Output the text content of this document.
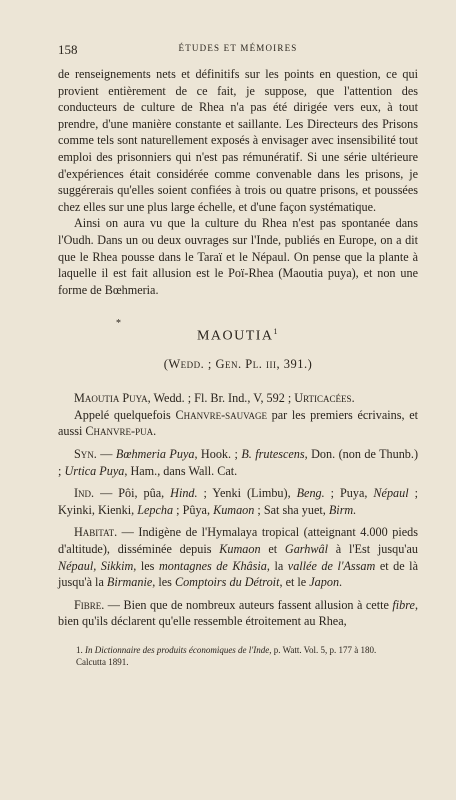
158	ÉTUDES ET MÉMOIRES

de renseignements nets et définitifs sur les points en question, ce qui provient entièrement de ce fait, je suppose, que l'attention des conducteurs de culture de Rhea n'a pas été dirigée vers eux, à tout prendre, d'une manière constante et saillante. Les Directeurs des Prisons comme tels sont naturellement exposés à envisager avec insensibilité tout emploi des prisonniers qui n'est pas rémunératif. Si une série ultérieure d'expériences était considérée comme convenable dans les prisons, je suggérerais qu'elles soient confiées à trois ou quatre prisons, et poussées chez elles sur une plus large échelle, et d'une façon systématique.

Ainsi on aura vu que la culture du Rhea n'est pas spontanée dans l'Oudh. Dans un ou deux ouvrages sur l'Inde, publiés en Europe, on a dit que le Rhea pousse dans le Taraï et le Népaul. On pense que la plante à laquelle il est fait allusion est le Poï-Rhea (Maoutia puya), et non une forme de Bœhmeria.

*
MAOUTIA$^1$
(Wedd. ; Gen. Pl. iii, 391.)

Maoutia Puya, Wedd. ; Fl. Br. Ind., V, 592 ; Urticacées.
Appelé quelquefois Chanvre-sauvage par les premiers écrivains, et aussi Chanvre-pua.

Syn. — Bœhmeria Puya, Hook. ; B. frutescens, Don. (non de Thunb.) ; Urtica Puya, Ham., dans Wall. Cat.

Ind. — Pôi, pûa, Hind. ; Yenki (Limbu), Beng. ; Puya, Népaul ; Kyinki, Kienki, Lepcha ; Pûya, Kumaon ; Sat sha yuet, Birm.

Habitat. — Indigène de l'Hymalaya tropical (atteignant 4.000 pieds d'altitude), disséminée depuis Kumaon et Garhwâl à l'Est jusqu'au Népaul, Sikkim, les montagnes de Khâsia, la vallée de l'Assam et de là jusqu'à la Birmanie, les Comptoirs du Détroit, et le Japon.

Fibre. — Bien que de nombreux auteurs fassent allusion à cette fibre, bien qu'ils déclarent qu'elle ressemble étroitement au Rhea,

1. In Dictionnaire des produits économiques de l'Inde, p. Watt. Vol. 5, p. 177 à 180. Calcutta 1891.
